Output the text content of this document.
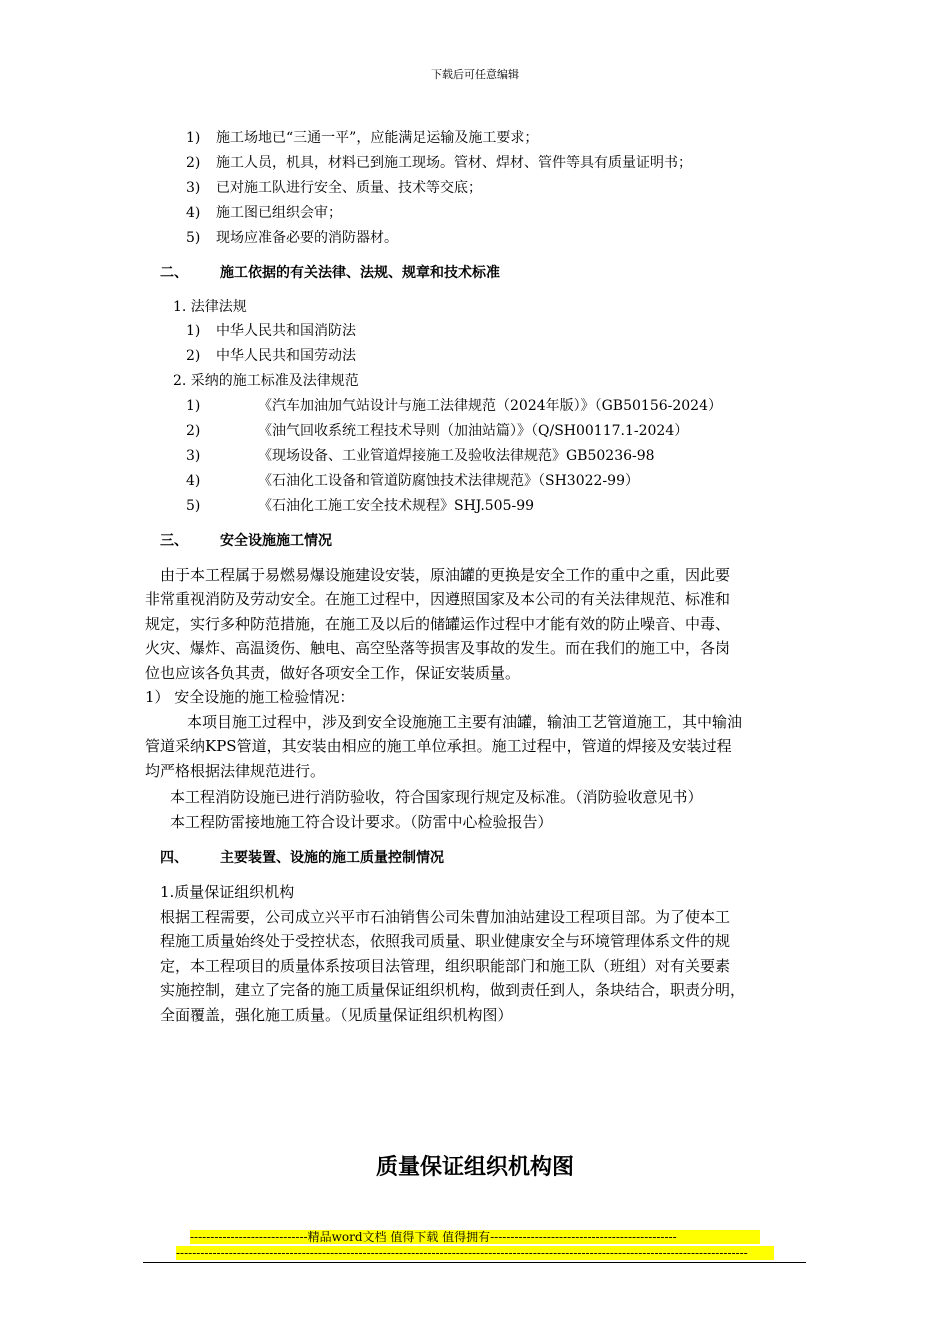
下载后可任意编辑
1) 施工场地已“三通一平”，应能满足运输及施工要求；
2) 施工人员，机具，材料已到施工现场。管材、焊材、管件等具有质量证明书；
3) 已对施工队进行安全、质量、技术等交底；
4) 施工图已组织会审；
5) 现场应准备必要的消防器材。
二、 施工依据的有关法律、法规、规章和技术标准
1. 法律法规
1) 中华人民共和国消防法
2) 中华人民共和国劳动法
2. 采纳的施工标准及法律规范
1)	《汽车加油加气站设计与施工法律规范（2024年版）》（GB50156-2024）
2)	《油气回收系统工程技术导则（加油站篇）》（Q/SH00117.1-2024）
3)	《现场设备、工业管道焊接施工及验收法律规范》GB50236-98
4)	《石油化工设备和管道防腐蚀技术法律规范》（SH3022-99）
5)	《石油化工施工安全技术规程》SHJ.505-99
三、 安全设施施工情况
由于本工程属于易燃易爆设施建设安装，原油罐的更换是安全工作的重中之重，因此要
非常重视消防及劳动安全。在施工过程中，因遵照国家及本公司的有关法律规范、标准和
规定，实行多种防范措施，在施工及以后的储罐运作过程中才能有效的防止噪音、中毒、
火灾、爆炸、高温烫伤、触电、高空坠落等损害及事故的发生。而在我们的施工中，各岗
位也应该各负其责，做好各项安全工作，保证安装质量。
1） 安全设施的施工检验情况：
本项目施工过程中，涉及到安全设施施工主要有油罐，输油工艺管道施工，其中输油
管道采纳KPS管道，其安装由相应的施工单位承担。施工过程中，管道的焊接及安装过程
均严格根据法律规范进行。
本工程消防设施已进行消防验收，符合国家现行规定及标准。（消防验收意见书）
本工程防雷接地施工符合设计要求。（防雷中心检验报告）
四、 主要装置、设施的施工质量控制情况
1.质量保证组织机构
根据工程需要，公司成立兴平市石油销售公司朱曹加油站建设工程项目部。为了使本工
程施工质量始终处于受控状态，依照我司质量、职业健康安全与环境管理体系文件的规
定，本工程项目的质量体系按项目法管理，组织职能部门和施工队（班组）对有关要素
实施控制，建立了完备的施工质量保证组织机构，做到责任到人，条块结合，职责分明，
全面覆盖，强化施工质量。（见质量保证组织机构图）
质量保证组织机构图
-----------------------------精品word文档 值得下载 值得拥有----------------------------------------------
---------------------------------------------------------------------------------------------------------------------------------------------
